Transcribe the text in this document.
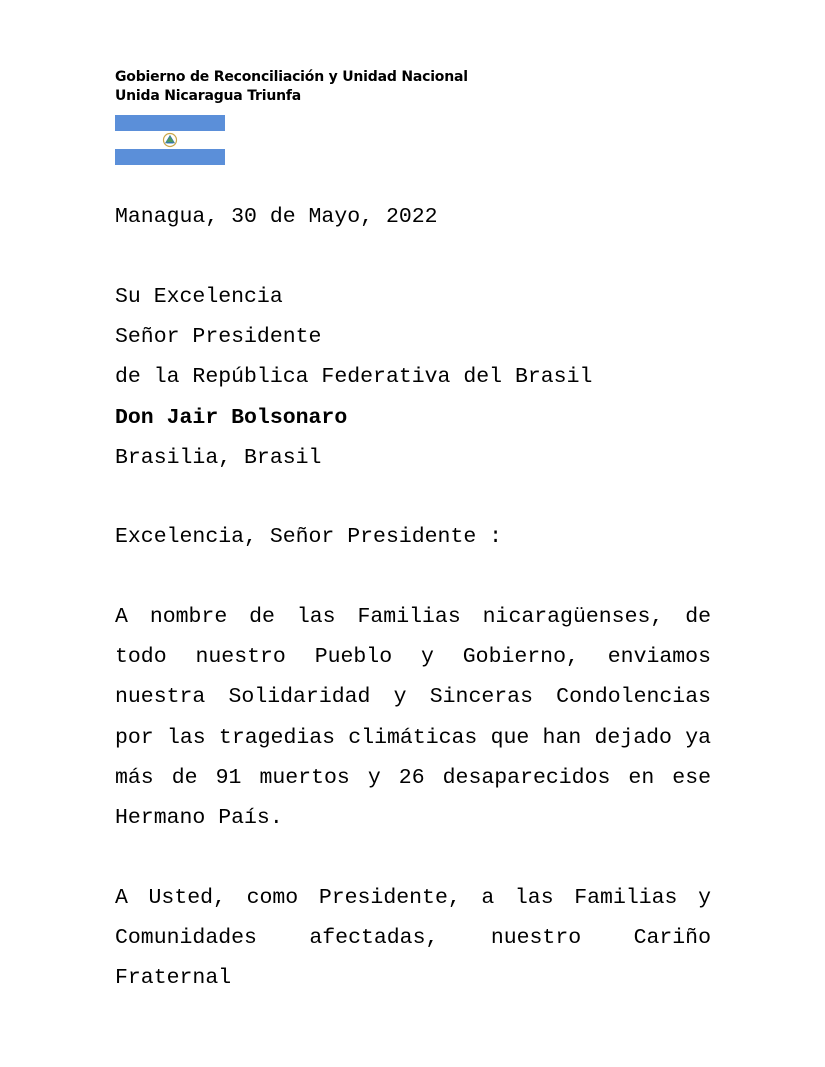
Gobierno de Reconciliación y Unidad Nacional
Unida Nicaragua Triunfa
Managua, 30 de Mayo, 2022
Su Excelencia
Señor Presidente
de la República Federativa del Brasil
Don Jair Bolsonaro
Brasilia, Brasil
Excelencia, Señor Presidente :
A nombre de las Familias nicaragüenses, de todo nuestro Pueblo y Gobierno, enviamos nuestra Solidaridad y Sinceras Condolencias por las tragedias climáticas que han dejado ya más de 91 muertos y 26 desaparecidos en ese Hermano País.
A Usted, como Presidente, a las Familias y Comunidades afectadas, nuestro Cariño Fraternal
